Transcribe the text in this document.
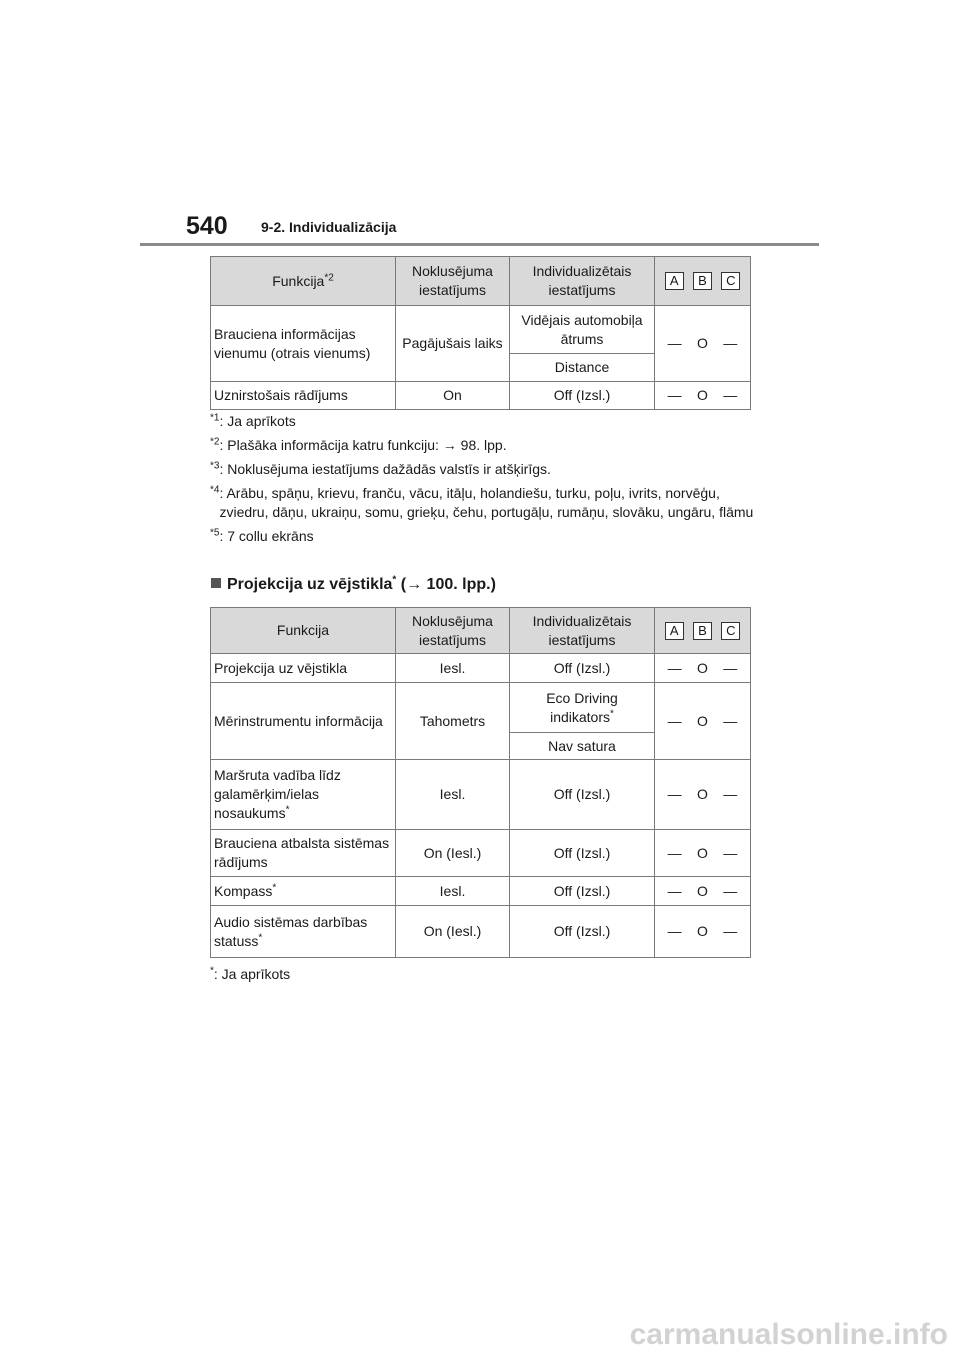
540 9-2. Individualizācija
Funkcija$^{*2}$	Noklusējuma iestatījums	Individualizētais iestatījums	A B C

Brauciena informācijas vienumu (otrais vienums)	Pagājušais laiks	Vidējais automobiļa ātrums	— O —

		Distance	
Uznirstošais rādījums	On	Off (Izsl.)	— O —
$^{*1}$ : Ja aprīkots
$^{*2}$ : Plašāka informācija katru funkciju: → 98. lpp.
$^{*3}$ : Noklusējuma iestatījums dažādās valstīs ir atšķirīgs.
$^{*4}$ : Arābu, spāņu, krievu, franču, vācu, itāļu, holandiešu, turku, poļu, ivrits, norvēģu, zviedru, dāņu, ukraiņu, somu, grieķu, čehu, portugāļu, rumāņu, slovāku, ungāru, flāmu
$^{*5}$ : 7 collu ekrāns
Projekcija uz vējstikla* (→ 100. lpp.)
Funkcija	Noklusējuma iestatījums	Individualizētais iestatījums	A B C

Projekcija uz vējstikla	Iesl.	Off (Izsl.)	— O —

Mērinstrumentu informācija	Tahometrs	Eco Driving indikators*	— O —

		Nav satura	
Maršruta vadība līdz galamērķim/ielas nosaukums*	Iesl.	Off (Izsl.)	— O —

Brauciena atbalsta sistēmas rādījums	On (Iesl.)	Off (Izsl.)	— O —

Kompass*	Iesl.	Off (Izsl.)	— O —

Audio sistēmas darbības statuss*	On (Iesl.)	Off (Izsl.)	— O —
*: Ja aprīkots
carmanualsonline.info
